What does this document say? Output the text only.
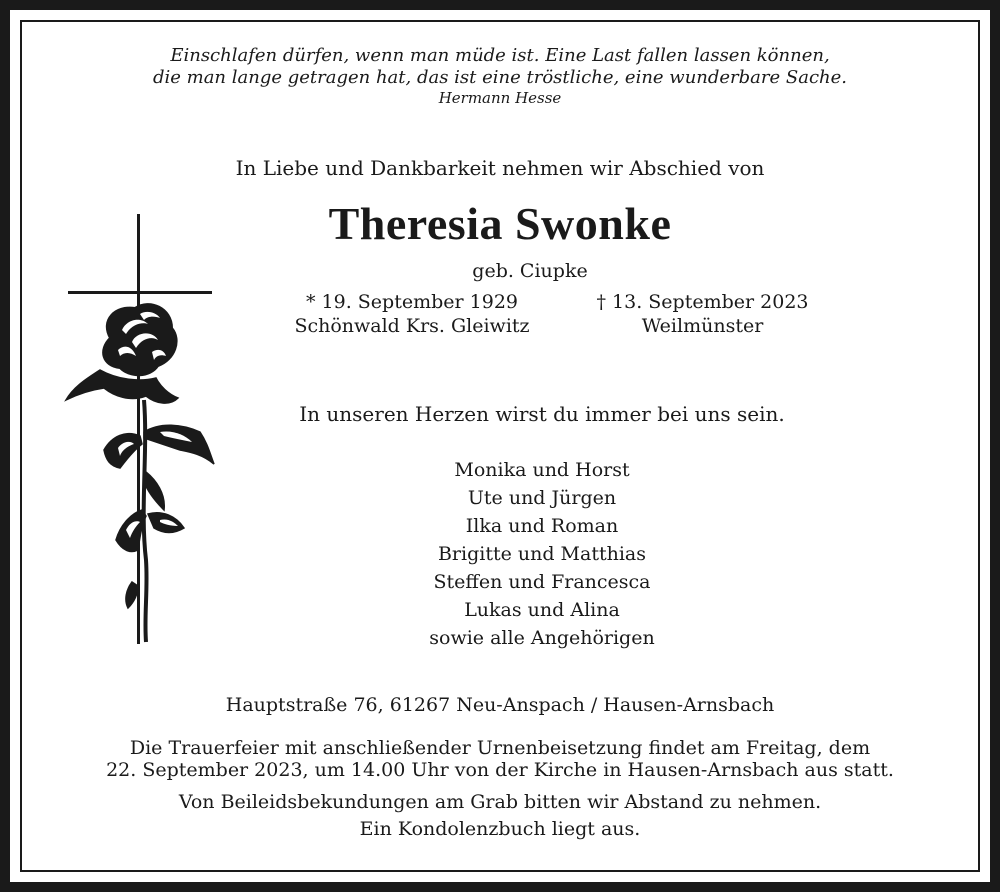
Einschlafen dürfen, wenn man müde ist. Eine Last fallen lassen können,
die man lange getragen hat, das ist eine tröstliche, eine wunderbare Sache.
Hermann Hesse
In Liebe und Dankbarkeit nehmen wir Abschied von
Theresia Swonke
geb. Ciupke
* 19. September 1929
Schönwald Krs. Gleiwitz
† 13. September 2023
Weilmünster
In unseren Herzen wirst du immer bei uns sein.
Monika und Horst
Ute und Jürgen
Ilka und Roman
Brigitte und Matthias
Steffen und Francesca
Lukas und Alina
sowie alle Angehörigen
Hauptstraße 76, 61267 Neu-Anspach / Hausen-Arnsbach
Die Trauerfeier mit anschließender Urnenbeisetzung findet am Freitag, dem
22. September 2023, um 14.00 Uhr von der Kirche in Hausen-Arnsbach aus statt.
Von Beileidsbekundungen am Grab bitten wir Abstand zu nehmen.
Ein Kondolenzbuch liegt aus.
